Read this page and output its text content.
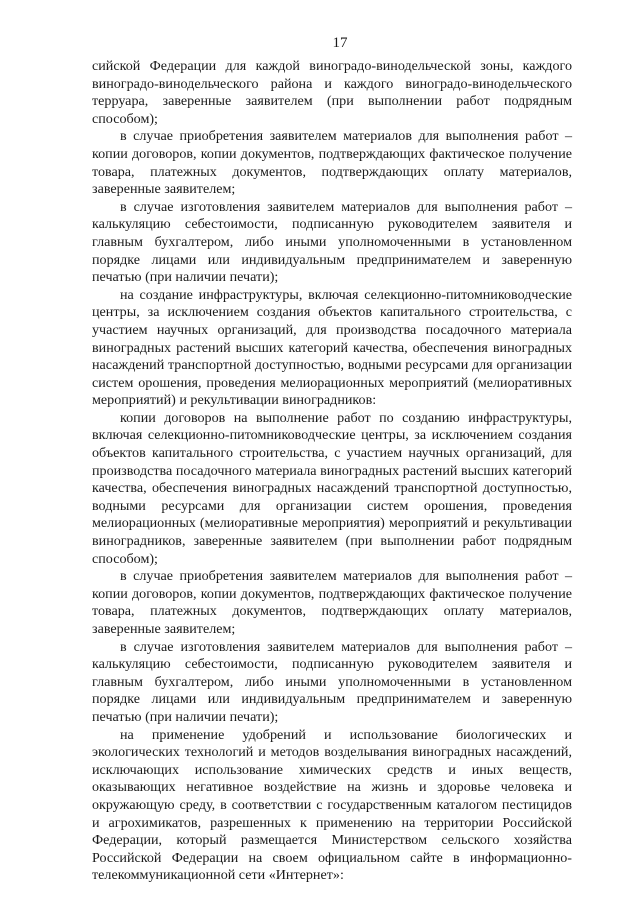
17

сийской Федерации для каждой виноградо-винодельческой зоны, каждого виноградо-винодельческого района и каждого виноградо-винодельческого терруара, заверенные заявителем (при выполнении работ подрядным способом);

в случае приобретения заявителем материалов для выполнения работ – копии договоров, копии документов, подтверждающих фактическое получение товара, платежных документов, подтверждающих оплату материалов, заверенные заявителем;

в случае изготовления заявителем материалов для выполнения работ – калькуляцию себестоимости, подписанную руководителем заявителя и главным бухгалтером, либо иными уполномоченными в установленном порядке лицами или индивидуальным предпринимателем и заверенную печатью (при наличии печати);

на создание инфраструктуры, включая селекционно-питомниководческие центры, за исключением создания объектов капитального строительства, с участием научных организаций, для производства посадочного материала виноградных растений высших категорий качества, обеспечения виноградных насаждений транспортной доступностью, водными ресурсами для организации систем орошения, проведения мелиорационных мероприятий (мелиоративных мероприятий) и рекультивации виноградников:

копии договоров на выполнение работ по созданию инфраструктуры, включая селекционно-питомниководческие центры, за исключением создания объектов капитального строительства, с участием научных организаций, для производства посадочного материала виноградных растений высших категорий качества, обеспечения виноградных насаждений транспортной доступностью, водными ресурсами для организации систем орошения, проведения мелиорационных (мелиоративные мероприятия) мероприятий и рекультивации виноградников, заверенные заявителем (при выполнении работ подрядным способом);

в случае приобретения заявителем материалов для выполнения работ – копии договоров, копии документов, подтверждающих фактическое получение товара, платежных документов, подтверждающих оплату материалов, заверенные заявителем;

в случае изготовления заявителем материалов для выполнения работ – калькуляцию себестоимости, подписанную руководителем заявителя и главным бухгалтером, либо иными уполномоченными в установленном порядке лицами или индивидуальным предпринимателем и заверенную печатью (при наличии печати);

на применение удобрений и использование биологических и экологических технологий и методов возделывания виноградных насаждений, исключающих использование химических средств и иных веществ, оказывающих негативное воздействие на жизнь и здоровье человека и окружающую среду, в соответствии с государственным каталогом пестицидов и агрохимикатов, разрешенных к применению на территории Российской Федерации, который размещается Министерством сельского хозяйства Российской Федерации на своем официальном сайте в информационно-телекоммуникационной сети «Интернет»:
